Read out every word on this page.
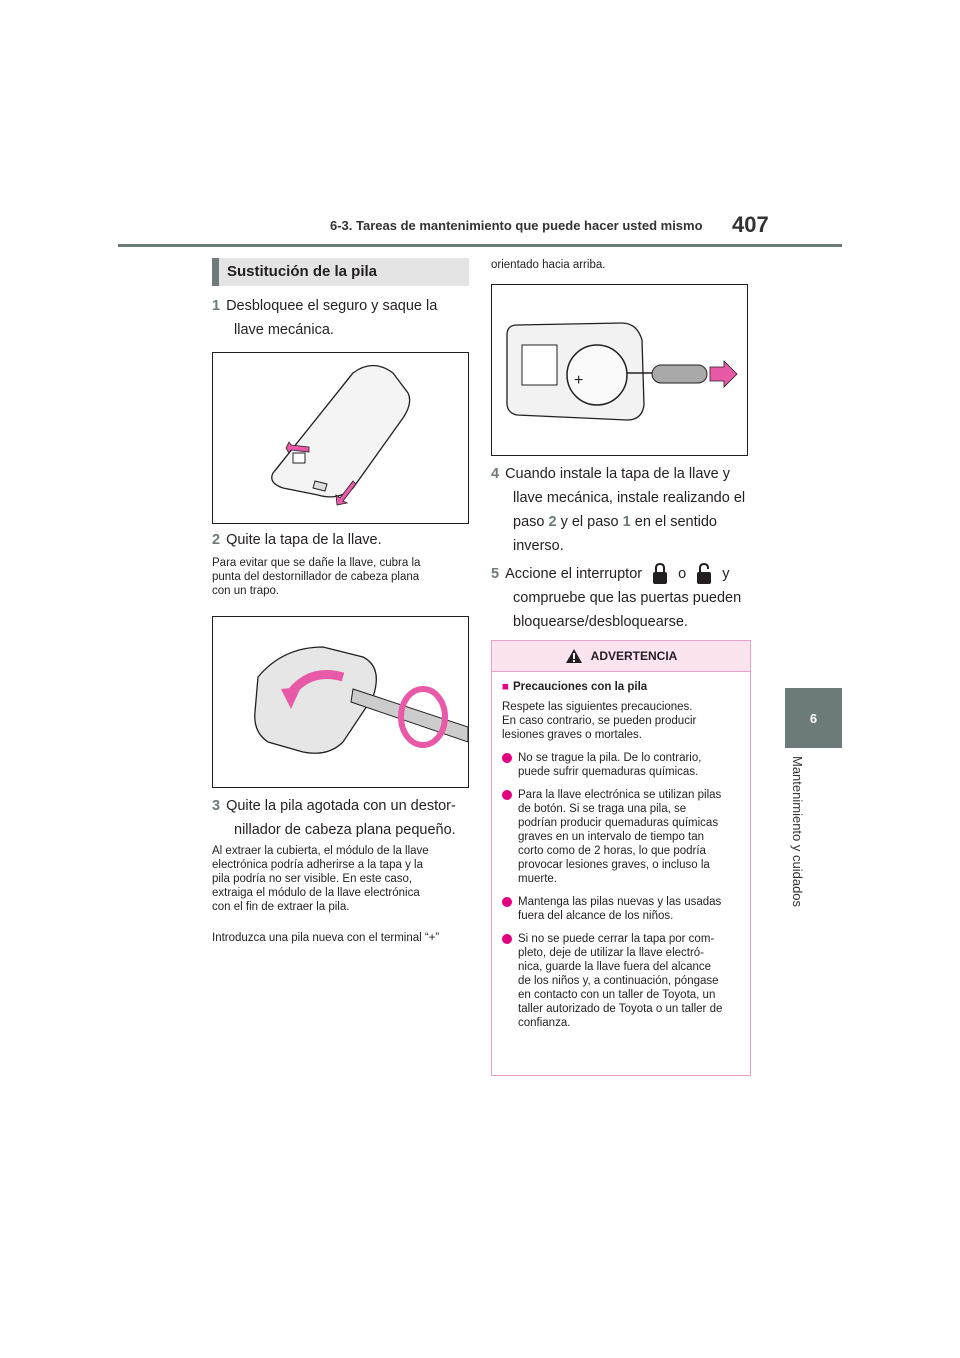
6-3. Tareas de mantenimiento que puede hacer usted mismo 407
6
Mantenimiento y cuidados
Sustitución de la pila
1 Desbloquee el seguro y saque la
llave mecánica.
2 Quite la tapa de la llave.
Para evitar que se dañe la llave, cubra la
punta del destornillador de cabeza plana
con un trapo.
3 Quite la pila agotada con un destor-
nillador de cabeza plana pequeño.
Al extraer la cubierta, el módulo de la llave
electrónica podría adherirse a la tapa y la
pila podría no ser visible. En este caso,
extraiga el módulo de la llave electrónica
con el fin de extraer la pila.
Introduzca una pila nueva con el terminal “+”
orientado hacia arriba.
+
4 Cuando instale la tapa de la llave y
llave mecánica, instale realizando el
paso 2 y el paso 1 en el sentido
inverso.
5 Accione el interruptor o y
compruebe que las puertas pueden
bloquearse/desbloquearse.
ADVERTENCIA
■ Precauciones con la pila
Respete las siguientes precauciones.
En caso contrario, se pueden producir
lesiones graves o mortales.
No se trague la pila. De lo contrario,
puede sufrir quemaduras químicas.
Para la llave electrónica se utilizan pilas
de botón. Si se traga una pila, se
podrían producir quemaduras químicas
graves en un intervalo de tiempo tan
corto como de 2 horas, lo que podría
provocar lesiones graves, o incluso la
muerte.
Mantenga las pilas nuevas y las usadas
fuera del alcance de los niños.
Si no se puede cerrar la tapa por com-
pleto, deje de utilizar la llave electró-
nica, guarde la llave fuera del alcance
de los niños y, a continuación, póngase
en contacto con un taller de Toyota, un
taller autorizado de Toyota o un taller de
confianza.
